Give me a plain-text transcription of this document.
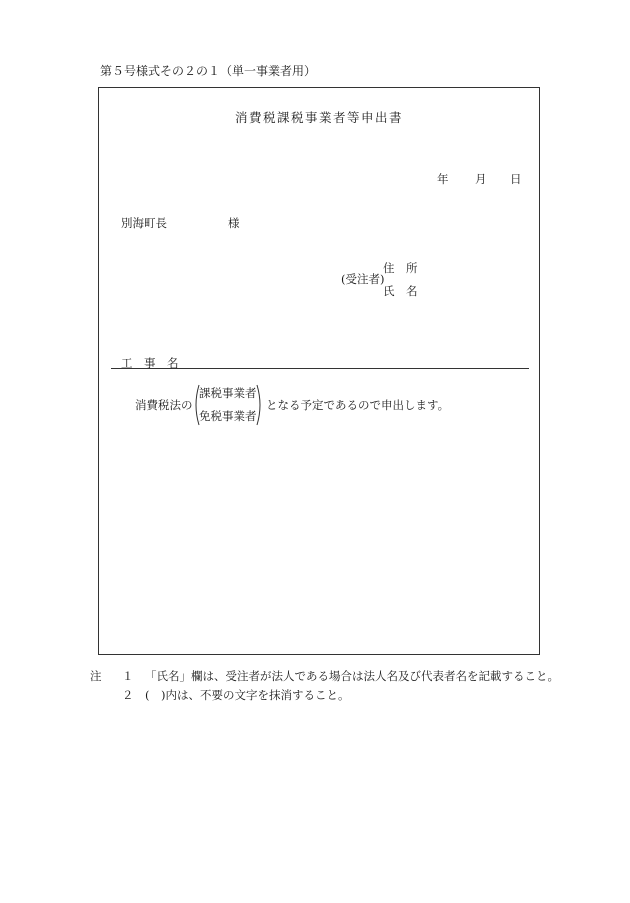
第５号様式その２の１（単一事業者用）
消費税課税事業者等申出書
年 月 日
別海町長	様
(受注者)
住　所
氏　名
工　事　名
消費税法の
課税事業者
免税事業者
となる予定であるので申出します。
注 １ 「氏名」欄は、受注者が法人である場合は法人名及び代表者名を記載すること。
２ (　)内は、不要の文字を抹消すること。
